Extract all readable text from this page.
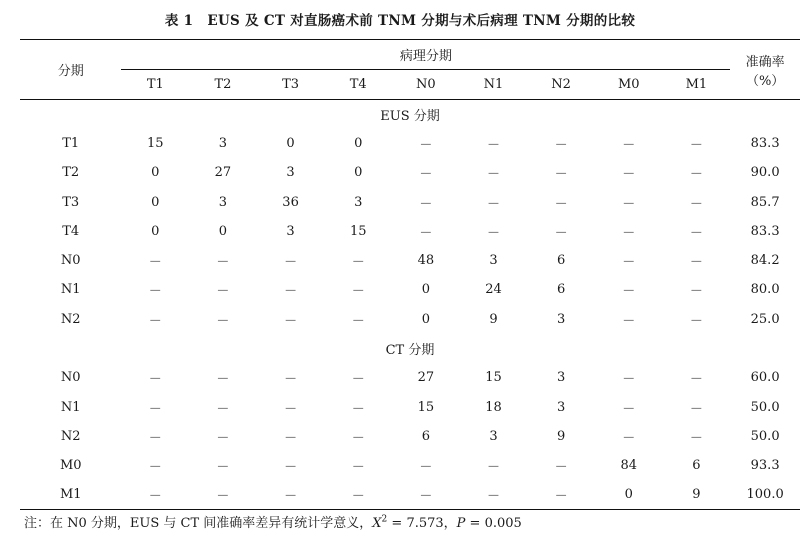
表 1 EUS 及 CT 对直肠癌术前 TNM 分期与术后病理 TNM 分期的比较
分期	病理分期									准确率
（%）

	T1	T2	T3	T4	N0	N1	N2	M0	M1	
EUS 分期										
T1	15	3	0	0	－	－	－	－	－	83.3
T2	0	27	3	0	－	－	－	－	－	90.0
T3	0	3	36	3	－	－	－	－	－	85.7
T4	0	0	3	15	－	－	－	－	－	83.3
N0	－	－	－	－	48	3	6	－	－	84.2
N1	－	－	－	－	0	24	6	－	－	80.0
N2	－	－	－	－	0	9	3	－	－	25.0
CT 分期										
N0	－	－	－	－	27	15	3	－	－	60.0
N1	－	－	－	－	15	18	3	－	－	50.0
N2	－	－	－	－	6	3	9	－	－	50.0
M0	－	－	－	－	－	－	－	84	6	93.3
M1	－	－	－	－	－	－	－	0	9	100.0
注：在 N0 分期，EUS 与 CT 间准确率差异有统计学意义，$X^2 = 7.573$，P = 0.005
